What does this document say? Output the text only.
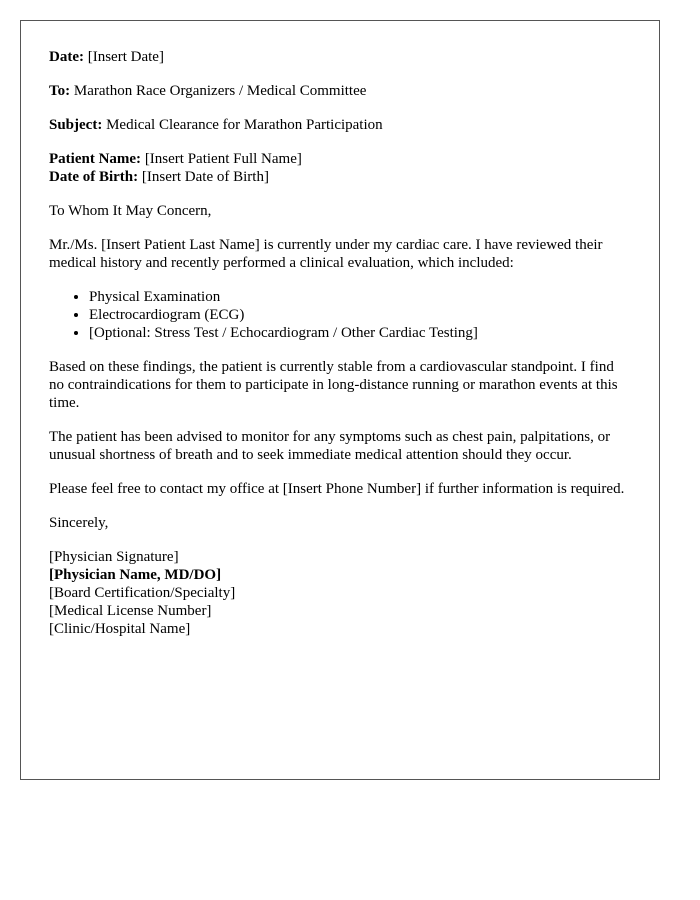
Date: [Insert Date]

To: Marathon Race Organizers / Medical Committee

Subject: Medical Clearance for Marathon Participation

Patient Name: [Insert Patient Full Name]

Date of Birth: [Insert Date of Birth]

To Whom It May Concern,

Mr./Ms. [Insert Patient Last Name] is currently under my cardiac care. I have reviewed their medical history and recently performed a clinical evaluation, which included:

• Physical Examination
• Electrocardiogram (ECG)
• [Optional: Stress Test / Echocardiogram / Other Cardiac Testing]

Based on these findings, the patient is currently stable from a cardiovascular standpoint. I find no contraindications for them to participate in long-distance running or marathon events at this time.

The patient has been advised to monitor for any symptoms such as chest pain, palpitations, or unusual shortness of breath and to seek immediate medical attention should they occur.

Please feel free to contact my office at [Insert Phone Number] if further information is required.

Sincerely,

[Physician Signature]

[Physician Name, MD/DO]

[Board Certification/Specialty]

[Medical License Number]

[Clinic/Hospital Name]
